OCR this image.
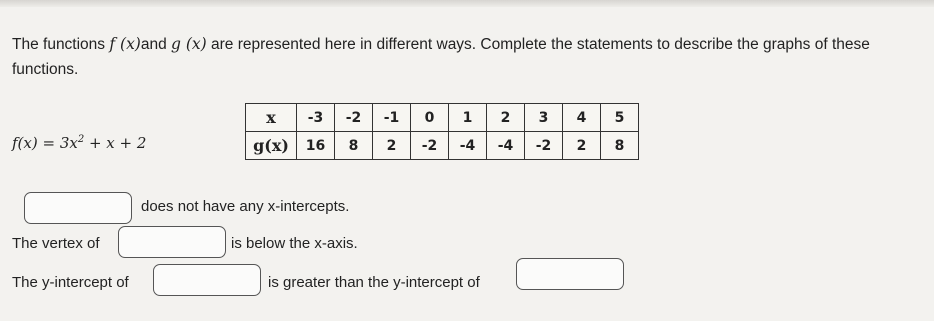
The functions f (x)and g (x) are represented here in different ways. Complete the statements to describe the graphs of these functions.

$f(x) = 3x^2 + x + 2$
x	-3	-2	-1	0	1	2	3	4	5
g(x)	16	8	2	-2	-4	-4	-2	2	8
does not have any x-intercepts.
The vertex of	is below the x-axis.
The y-intercept of	is greater than the y-intercept of
